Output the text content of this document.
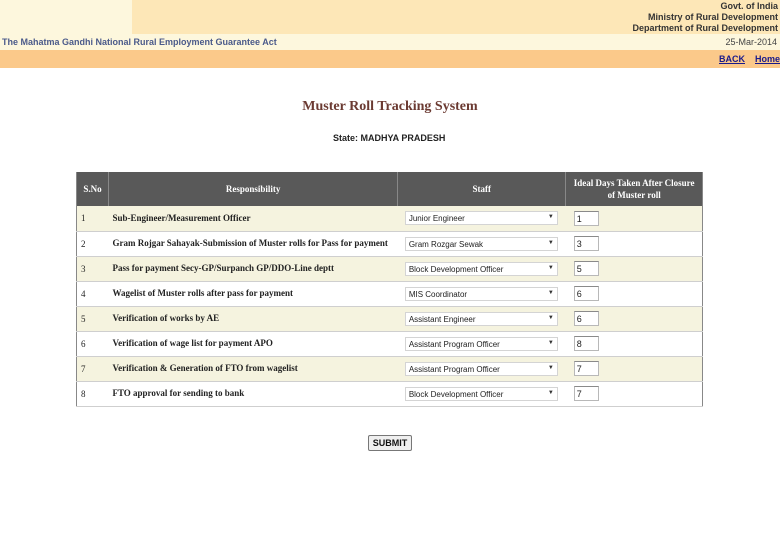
Govt. of India
Ministry of Rural Development
Department of Rural Development
The Mahatma Gandhi National Rural Employment Guarantee Act	25-Mar-2014
BACK Home
Muster Roll Tracking System
State: MADHYA PRADESH
S.No	Responsibility	Staff	Ideal Days Taken After Closure of Muster roll
1	Sub-Engineer/Measurement Officer	Junior Engineer ▼	1

2	Gram Rojgar Sahayak-Submission of Muster rolls for Pass for payment	Gram Rozgar Sewak ▼	3

3	Pass for payment Secy-GP/Surpanch GP/DDO-Line deptt	Block Development Officer ▼	5

4	Wagelist of Muster rolls after pass for payment	MIS Coordinator ▼	6

5	Verification of works by AE	Assistant Engineer ▼	6

6	Verification of wage list for payment APO	Assistant Program Officer ▼	8

7	Verification & Generation of FTO from wagelist	Assistant Program Officer ▼	7

8	FTO approval for sending to bank	Block Development Officer ▼	7
SUBMIT
